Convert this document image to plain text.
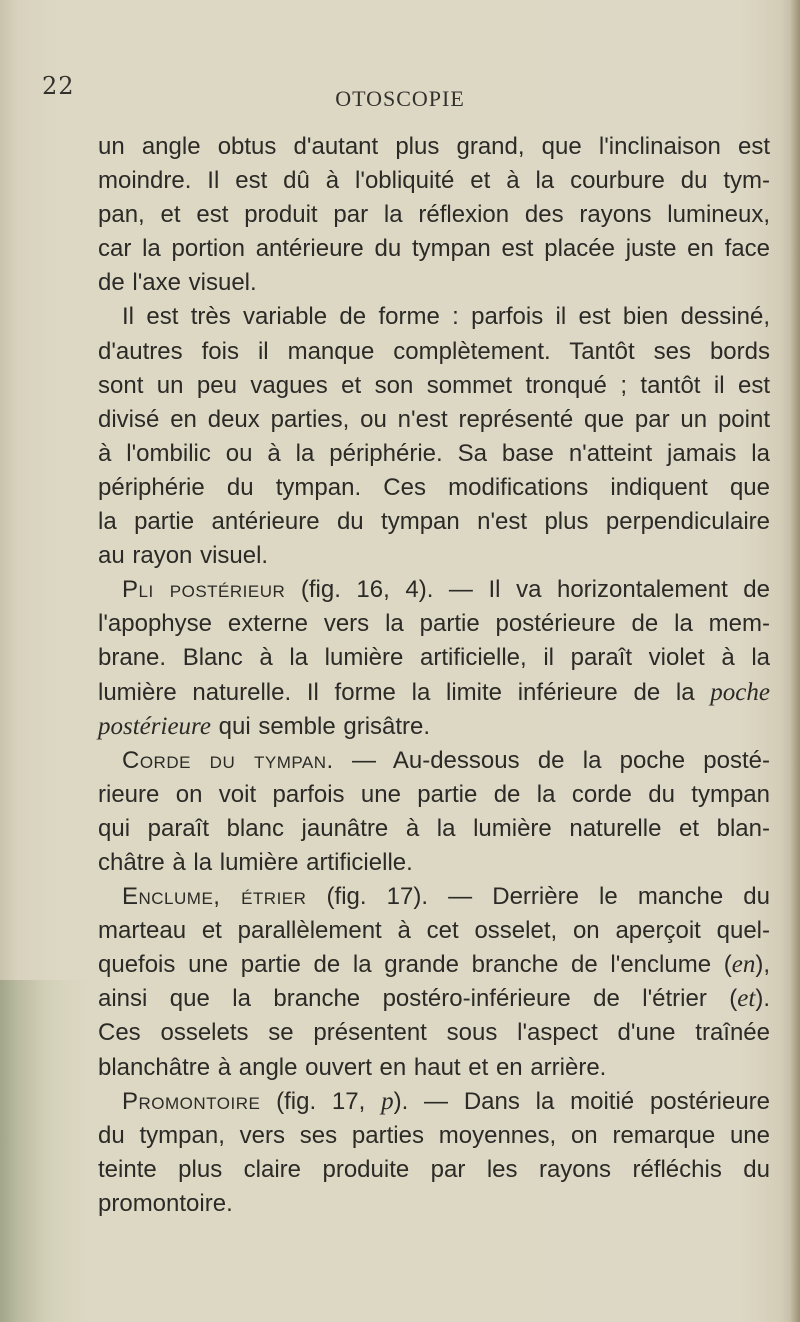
22	OTOSCOPIE
un angle obtus d'autant plus grand, que l'inclinaison est
moindre. Il est dû à l'obliquité et à la courbure du tym-
pan, et est produit par la réflexion des rayons lumineux,
car la portion antérieure du tympan est placée juste en face
de l'axe visuel.
Il est très variable de forme : parfois il est bien dessiné,
d'autres fois il manque complètement. Tantôt ses bords
sont un peu vagues et son sommet tronqué ; tantôt il est
divisé en deux parties, ou n'est représenté que par un point
à l'ombilic ou à la périphérie. Sa base n'atteint jamais la
périphérie du tympan. Ces modifications indiquent que
la partie antérieure du tympan n'est plus perpendiculaire
au rayon visuel.
Pli postérieur (fig. 16, 4). — Il va horizontalement de
l'apophyse externe vers la partie postérieure de la mem-
brane. Blanc à la lumière artificielle, il paraît violet à la
lumière naturelle. Il forme la limite inférieure de la poche
postérieure qui semble grisâtre.
Corde du tympan. — Au-dessous de la poche posté-
rieure on voit parfois une partie de la corde du tympan
qui paraît blanc jaunâtre à la lumière naturelle et blan-
châtre à la lumière artificielle.
Enclume, étrier (fig. 17). — Derrière le manche du
marteau et parallèlement à cet osselet, on aperçoit quel-
quefois une partie de la grande branche de l'enclume (en),
ainsi que la branche postéro-inférieure de l'étrier (et).
Ces osselets se présentent sous l'aspect d'une traînée
blanchâtre à angle ouvert en haut et en arrière.
Promontoire (fig. 17, p). — Dans la moitié postérieure
du tympan, vers ses parties moyennes, on remarque une
teinte plus claire produite par les rayons réfléchis du
promontoire.
